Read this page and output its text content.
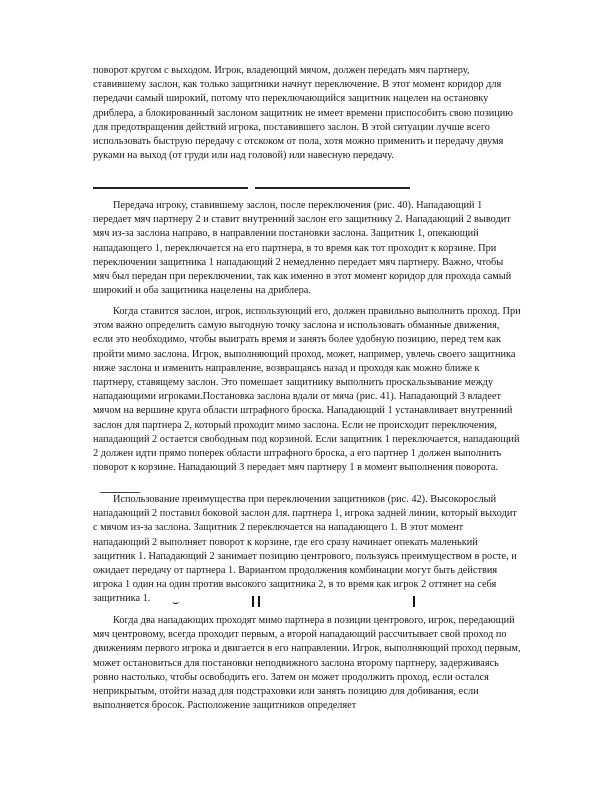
поворот кругом с выходом. Игрок, владеющий мячом, должен передать мяч партнеру, ставившему заслон, как только защитники начнут переключение. В этот момент коридор для передачи самый широкий, потому что переключающийся защитник нацелен на остановку дриблера, а блокированный заслоном защитник не имеет времени приспособить свою позицию для предотвращения действий игрока, поставившего заслон. В этой ситуации лучше всего использовать быструю передачу с отскоком от пола, хотя можно применить и передачу двумя руками на выход (от груди или над головой) или навесную передачу.

Передача игроку, ставившему заслон, после переключения (рис. 40). Нападающий 1 передает мяч партнеру 2 и ставит внутренний заслон его защитнику 2. Нападающий 2 выводит мяч из-за заслона направо, в направлении постановки заслона. Защитник 1, опекающий нападающего 1, переключается на его партнера, в то время как тот проходит к корзине. При переключении защитника 1 нападающий 2 немедленно передает мяч партнеру. Важно, чтобы мяч был передан при переключении, так как именно в этот момент коридор для прохода самый широкий и оба защитника нацелены на дриблера.

Когда ставится заслон, игрок, использующий его, должен правильно выполнить проход. При этом важно определить самую выгодную точку заслона и использовать обманные движения, если это необходимо, чтобы выиграть время и занять более удобную позицию, перед тем как пройти мимо заслона. Игрок, выполняющий проход, может, например, увлечь своего защитника ниже заслона и изменить направление, возвращаясь назад и проходя как можно ближе к партнеру, ставящему заслон. Это помешает защитнику выполнить проскальзывание между нападающими игроками.Постановка заслона вдали от мяча (рис. 41). Нападающий 3 владеет мячом на вершине круга области штрафного броска. Нападающий 1 устанавливает внутренний заслон для партнера 2, который проходит мимо заслона. Если не происходит переключения, нападающий 2 остается свободным под корзиной. Если защитник 1 переключается, нападающий 2 должен идти прямо поперек области штрафного броска, а его партнер 1 должен выполнить поворот к корзине. Нападающий 3 передает мяч партнеру 1 в момент выполнения поворота.

Использование преимущества при переключении защитников (рис. 42). Высокорослый нападающий 2 поставил боковой заслон для. партнера 1, игрока задней линии, который выходит с мячом из-за заслона. Защитник 2 переключается на нападающего 1. В этот момент нападающий 2 выполняет поворот к корзине, где его сразу начинает опекать маленький защитник 1. Нападающий 2 занимает позицию центрового, пользуясь преимуществом в росте, и ожидает передачу от партнера 1. Вариантом продолжения комбинации могут быть действия игрока 1 один на один против высокого защитника 2, в то время как игрок 2 оттянет на себя защитника 1.	⌣

Когда два нападающих проходят мимо партнера в позиции центрового, игрок, передающий мяч центровому, всегда проходит первым, а второй нападающий рассчитывает свой проход по движениям первого игрока и двигается в его направлении. Игрок, выполняющий проход первым, может остановиться для постановки неподвижного заслона второму партнеру, задерживаясь ровно настолько, чтобы освободить его. Затем он может продолжить проход, если остался неприкрытым, отойти назад для подстраховки или занять позицию для добивания, если выполняется бросок. Расположение защитников определяет
